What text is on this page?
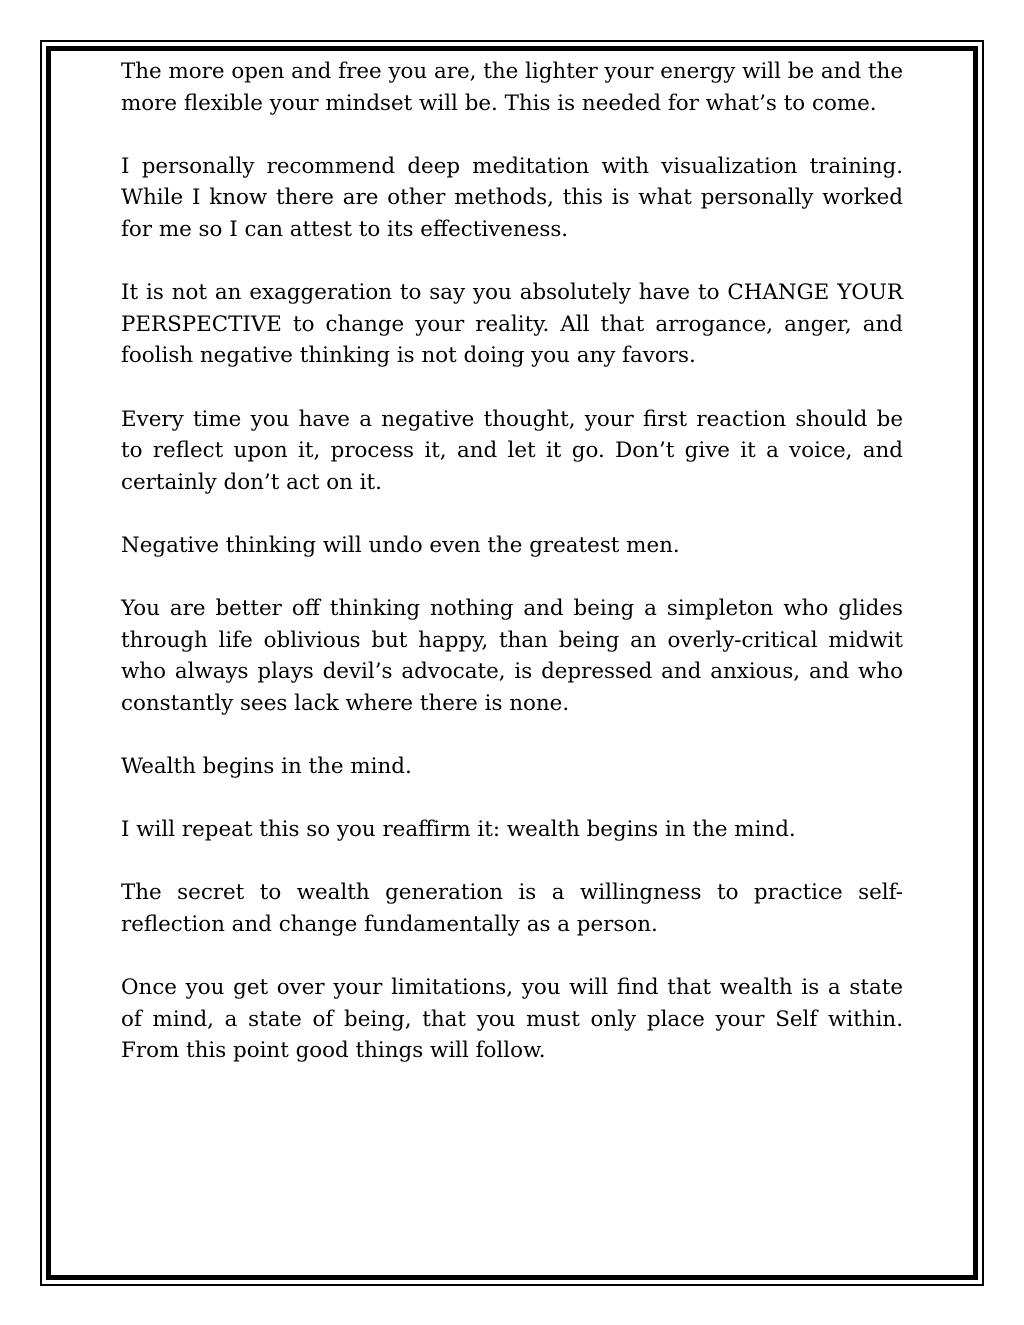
The more open and free you are, the lighter your energy will be and the more flexible your mindset will be. This is needed for what’s to come.

I personally recommend deep meditation with visualization training. While I know there are other methods, this is what personally worked for me so I can attest to its effectiveness.

It is not an exaggeration to say you absolutely have to CHANGE YOUR PERSPECTIVE to change your reality. All that arrogance, anger, and foolish negative thinking is not doing you any favors.

Every time you have a negative thought, your first reaction should be to reflect upon it, process it, and let it go. Don’t give it a voice, and certainly don’t act on it.

Negative thinking will undo even the greatest men.

You are better off thinking nothing and being a simpleton who glides through life oblivious but happy, than being an overly-critical midwit who always plays devil’s advocate, is depressed and anxious, and who constantly sees lack where there is none.

Wealth begins in the mind.

I will repeat this so you reaffirm it: wealth begins in the mind.

The secret to wealth generation is a willingness to practice self-reflection and change fundamentally as a person.

Once you get over your limitations, you will find that wealth is a state of mind, a state of being, that you must only place your Self within. From this point good things will follow.
